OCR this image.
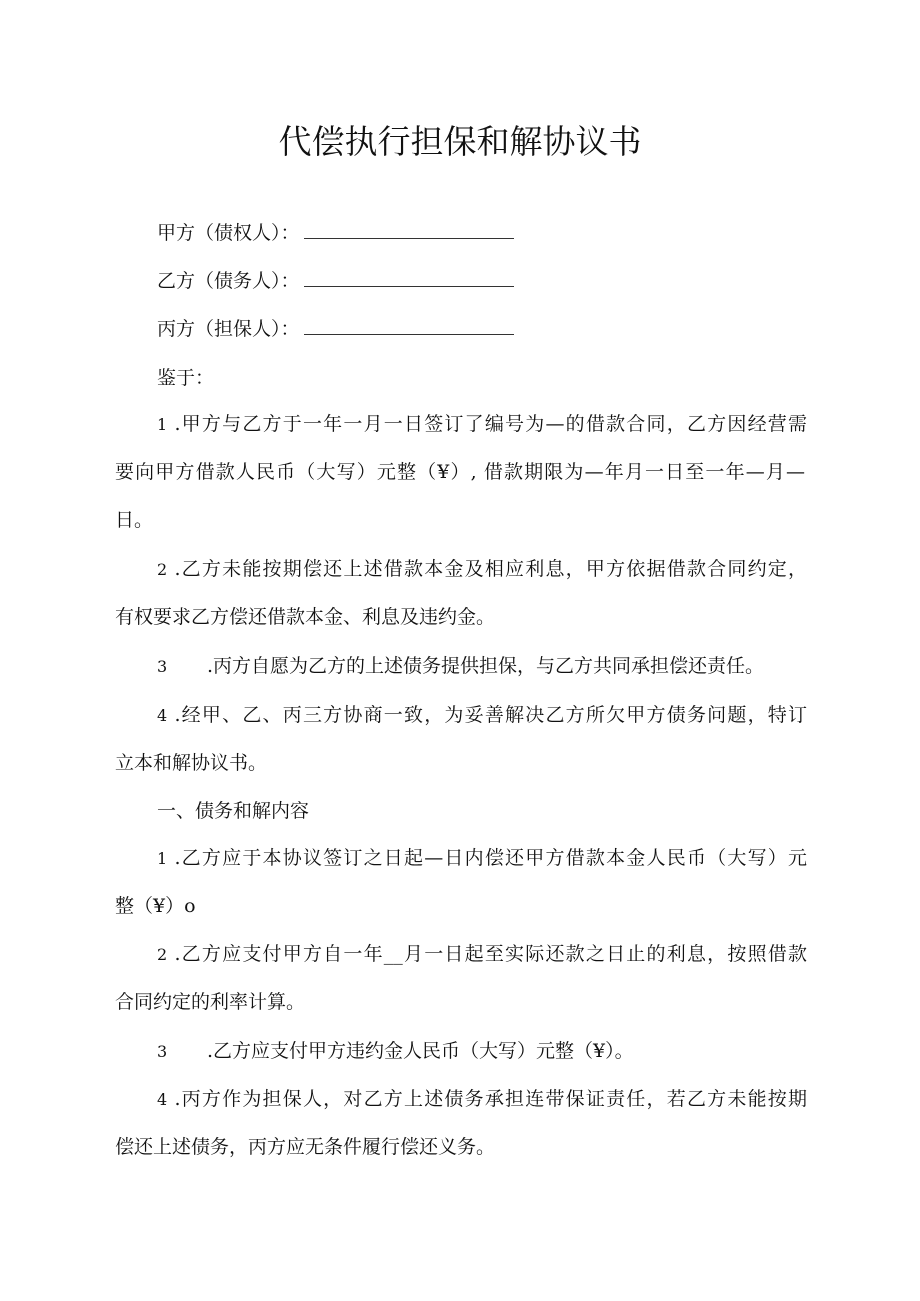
代偿执行担保和解协议书
甲方（债权人）：
乙方（债务人）：
丙方（担保人）：
鉴于：
1 .甲方与乙方于一年一月一日签订了编号为—的借款合同，乙方因经营需
要向甲方借款人民币（大写）元整（¥）, 借款期限为—年月一日至一年—月—
日。
2 .乙方未能按期偿还上述借款本金及相应利息，甲方依据借款合同约定，
有权要求乙方偿还借款本金、利息及违约金。
3 .丙方自愿为乙方的上述债务提供担保，与乙方共同承担偿还责任。
4 .经甲、乙、丙三方协商一致，为妥善解决乙方所欠甲方债务问题，特订
立本和解协议书。
一、债务和解内容
1 .乙方应于本协议签订之日起—日内偿还甲方借款本金人民币（大写）元
整（¥）o
2 .乙方应支付甲方自一年__月一日起至实际还款之日止的利息，按照借款
合同约定的利率计算。
3 .乙方应支付甲方违约金人民币（大写）元整（¥）。
4 .丙方作为担保人，对乙方上述债务承担连带保证责任，若乙方未能按期
偿还上述债务，丙方应无条件履行偿还义务。
